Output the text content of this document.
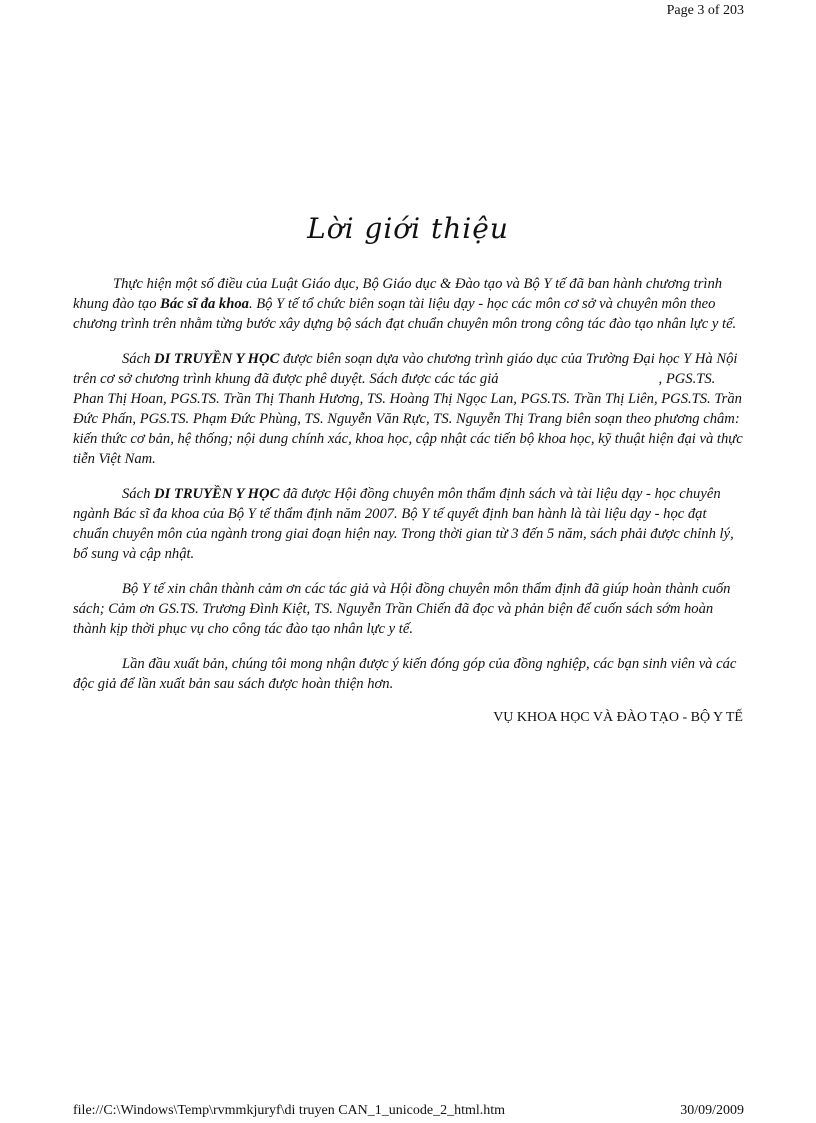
Page 3 of 203
Lời giới thiệu

Thực hiện một số điều của Luật Giáo dục, Bộ Giáo dục & Đào tạo và Bộ Y tế đã ban hành chương trình khung đào tạo Bác sĩ đa khoa. Bộ Y tế tổ chức biên soạn tài liệu dạy - học các môn cơ sở và chuyên môn theo chương trình trên nhằm từng bước xây dựng bộ sách đạt chuẩn chuyên môn trong công tác đào tạo nhân lực y tế.

Sách DI TRUYỀN Y HỌC được biên soạn dựa vào chương trình giáo dục của Trường Đại học Y Hà Nội trên cơ sở chương trình khung đã được phê duyệt. Sách được các tác giả	, PGS.TS. Phan Thị Hoan, PGS.TS. Trần Thị Thanh Hương, TS. Hoàng Thị Ngọc Lan, PGS.TS. Trần Thị Liên, PGS.TS. Trần Đức Phấn, PGS.TS. Phạm Đức Phùng, TS. Nguyễn Văn Rực, TS. Nguyễn Thị Trang biên soạn theo phương châm: kiến thức cơ bản, hệ thống; nội dung chính xác, khoa học, cập nhật các tiến bộ khoa học, kỹ thuật hiện đại và thực tiễn Việt Nam.

Sách DI TRUYỀN Y HỌC đã được Hội đồng chuyên môn thẩm định sách và tài liệu dạy - học chuyên ngành Bác sĩ đa khoa của Bộ Y tế thẩm định năm 2007. Bộ Y tế quyết định ban hành là tài liệu dạy - học đạt chuẩn chuyên môn của ngành trong giai đoạn hiện nay. Trong thời gian từ 3 đến 5 năm, sách phải được chỉnh lý, bổ sung và cập nhật.

Bộ Y tế xin chân thành cảm ơn các tác giả và Hội đồng chuyên môn thẩm định đã giúp hoàn thành cuốn sách; Cảm ơn GS.TS. Trương Đình Kiệt, TS. Nguyễn Trần Chiến đã đọc và phản biện để cuốn sách sớm hoàn thành kịp thời phục vụ cho công tác đào tạo nhân lực y tế.

Lần đầu xuất bản, chúng tôi mong nhận được ý kiến đóng góp của đồng nghiệp, các bạn sinh viên và các độc giả để lần xuất bản sau sách được hoàn thiện hơn.

VỤ KHOA HỌC VÀ ĐÀO TẠO - BỘ Y TẾ
file://C:\Windows\Temp\rvmmkjuryf\di truyen CAN_1_unicode_2_html.htm	30/09/2009
